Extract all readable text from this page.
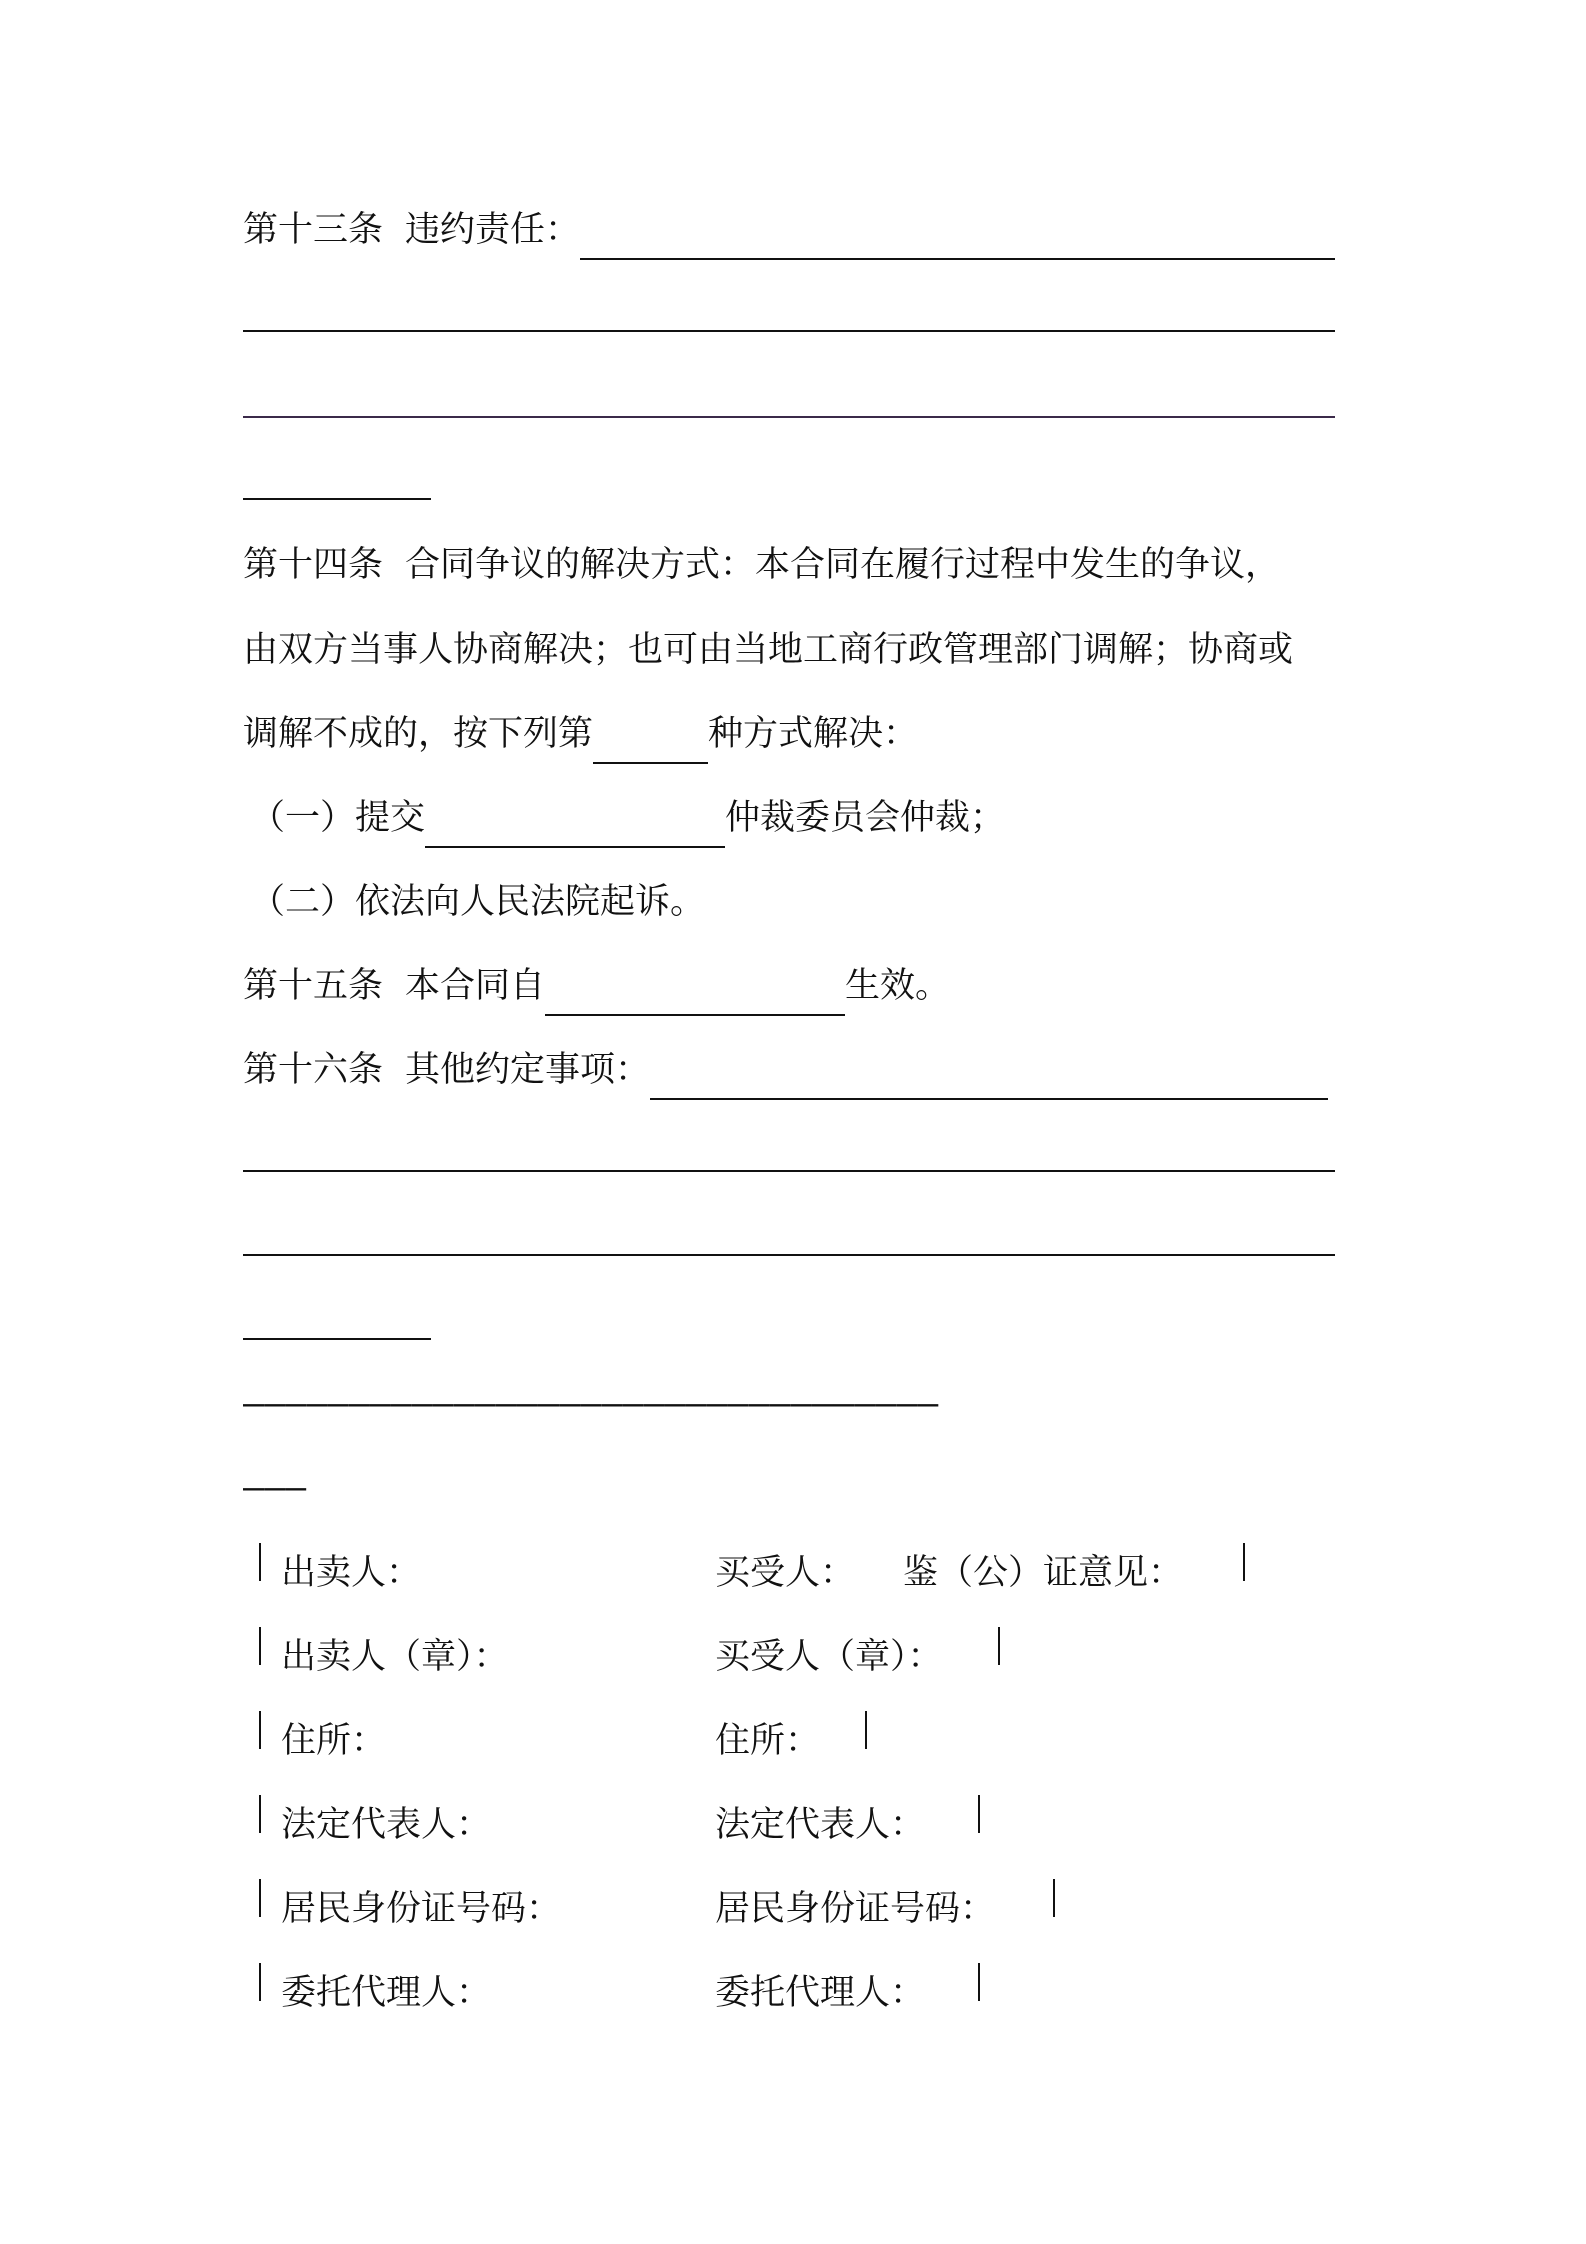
第十三条 违约责任：
第十四条 合同争议的解决方式：本合同在履行过程中发生的争议，
由双方当事人协商解决；也可由当地工商行政管理部门调解；协商或
调解不成的，按下列第	种方式解决：
（一）提交	仲裁委员会仲裁；
（二）依法向人民法院起诉。
第十五条 本合同自	生效。
第十六条 其他约定事项：
—————————————————————————————————
———
出卖人：	买受人： 鉴（公）证意见：
出卖人（章）：	买受人（章）：
住所：	住所：
法定代表人：	法定代表人：
居民身份证号码：	居民身份证号码：
委托代理人：	委托代理人：
